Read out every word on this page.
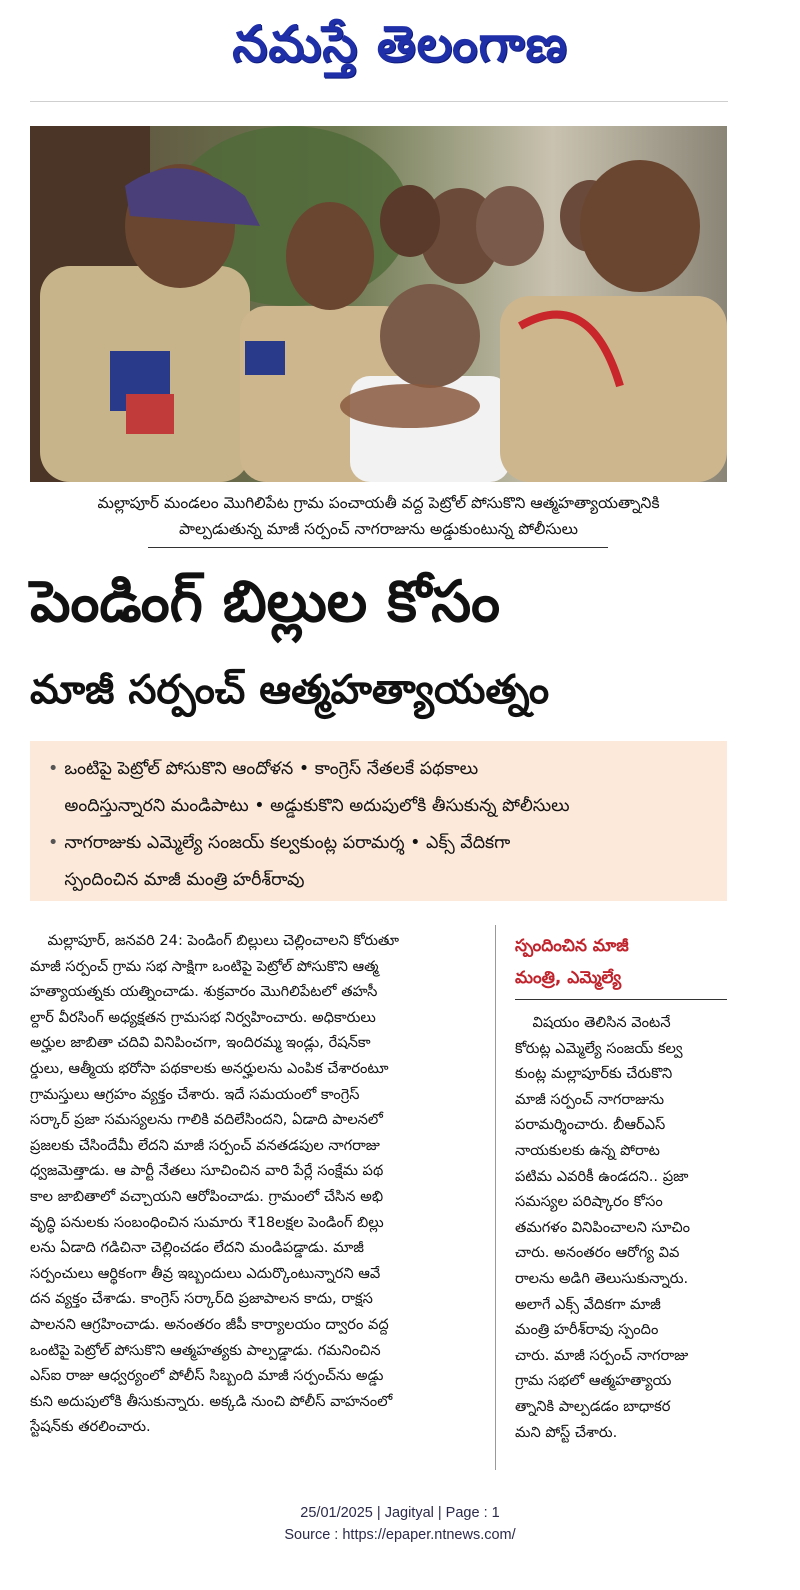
నమస్తే తెలంగాణ
మల్లాపూర్ మండలం మొగిలిపేట గ్రామ పంచాయతీ వద్ద పెట్రోల్ పోసుకొని ఆత్మహత్యాయత్నానికి
పాల్పడుతున్న మాజీ సర్పంచ్ నాగరాజును అడ్డుకుంటున్న పోలీసులు
పెండింగ్ బిల్లుల కోసం
మాజీ సర్పంచ్ ఆత్మహత్యాయత్నం
• ఒంటిపై పెట్రోల్ పోసుకొని ఆందోళన • కాంగ్రెస్ నేతలకే పథకాలు
అందిస్తున్నారని మండిపాటు • అడ్డుకుకొని అదుపులోకి తీసుకున్న పోలీసులు
• నాగరాజుకు ఎమ్మెల్యే సంజయ్ కల్వకుంట్ల పరామర్శ • ఎక్స్ వేదికగా
స్పందించిన మాజీ మంత్రి హరీశ్‌రావు
మల్లాపూర్, జనవరి 24: పెండింగ్ బిల్లులు చెల్లించాలని కోరుతూ
మాజీ సర్పంచ్ గ్రామ సభ సాక్షిగా ఒంటిపై పెట్రోల్ పోసుకొని ఆత్మ
హత్యాయత్నకు యత్నించాడు. శుక్రవారం మొగిలిపేటలో తహసీ
ల్దార్ వీరసింగ్ అధ్యక్షతన గ్రామసభ నిర్వహించారు. అధికారులు
అర్హుల జాబితా చదివి వినిపించగా, ఇందిరమ్మ ఇండ్లు, రేషన్‌కా
ర్డులు, ఆత్మీయ భరోసా పథకాలకు అనర్హులను ఎంపిక చేశారంటూ
గ్రామస్తులు ఆగ్రహం వ్యక్తం చేశారు. ఇదే సమయంలో కాంగ్రెస్
సర్కార్ ప్రజా సమస్యలను గాలికి వదిలేసిందని, ఏడాది పాలనలో
ప్రజలకు చేసిందేమీ లేదని మాజీ సర్పంచ్ వనతడపుల నాగరాజు
ధ్వజమెత్తాడు. ఆ పార్టీ నేతలు సూచించిన వారి పేర్లే సంక్షేమ పథ
కాల జాబితాలో వచ్చాయని ఆరోపించాడు. గ్రామంలో చేసిన అభి
వృద్ధి పనులకు సంబంధించిన సుమారు ₹18లక్షల పెండింగ్ బిల్లు
లను ఏడాది గడిచినా చెల్లించడం లేదని మండిపడ్డాడు. మాజీ
సర్పంచులు ఆర్థికంగా తీవ్ర ఇబ్బందులు ఎదుర్కొంటున్నారని ఆవే
దన వ్యక్తం చేశాడు. కాంగ్రెస్ సర్కార్‌ది ప్రజాపాలన కాదు, రాక్షస
పాలనని ఆగ్రహించాడు. అనంతరం జీపీ కార్యాలయం ద్వారం వద్ద
ఒంటిపై పెట్రోల్ పోసుకొని ఆత్మహత్యకు పాల్పడ్డాడు. గమనించిన
ఎస్ఐ రాజు ఆధ్వర్యంలో పోలీస్ సిబ్బంది మాజీ సర్పంచ్‌ను అడ్డు
కుని అదుపులోకి తీసుకున్నారు. అక్కడి నుంచి పోలీస్ వాహనంలో
స్టేషన్‌కు తరలించారు.
స్పందించిన మాజీ
మంత్రి, ఎమ్మెల్యే
విషయం తెలిసిన వెంటనే
కోరుట్ల ఎమ్మెల్యే సంజయ్ కల్వ
కుంట్ల మల్లాపూర్‌కు చేరుకొని
మాజీ సర్పంచ్ నాగరాజును
పరామర్శించారు. బీఆర్ఎస్
నాయకులకు ఉన్న పోరాట
పటిమ ఎవరికీ ఉండదని.. ప్రజా
సమస్యల పరిష్కారం కోసం
తమగళం వినిపించాలని సూచిం
చారు. అనంతరం ఆరోగ్య వివ
రాలను అడిగి తెలుసుకున్నారు.
అలాగే ఎక్స్ వేదికగా మాజీ
మంత్రి హరీశ్‌రావు స్పందిం
చారు. మాజీ సర్పంచ్ నాగరాజు
గ్రామ సభలో ఆత్మహత్యాయ
త్నానికి పాల్పడడం బాధాకర
మని పోస్ట్ చేశారు.
25/01/2025 | Jagityal | Page : 1
Source : https://epaper.ntnews.com/
